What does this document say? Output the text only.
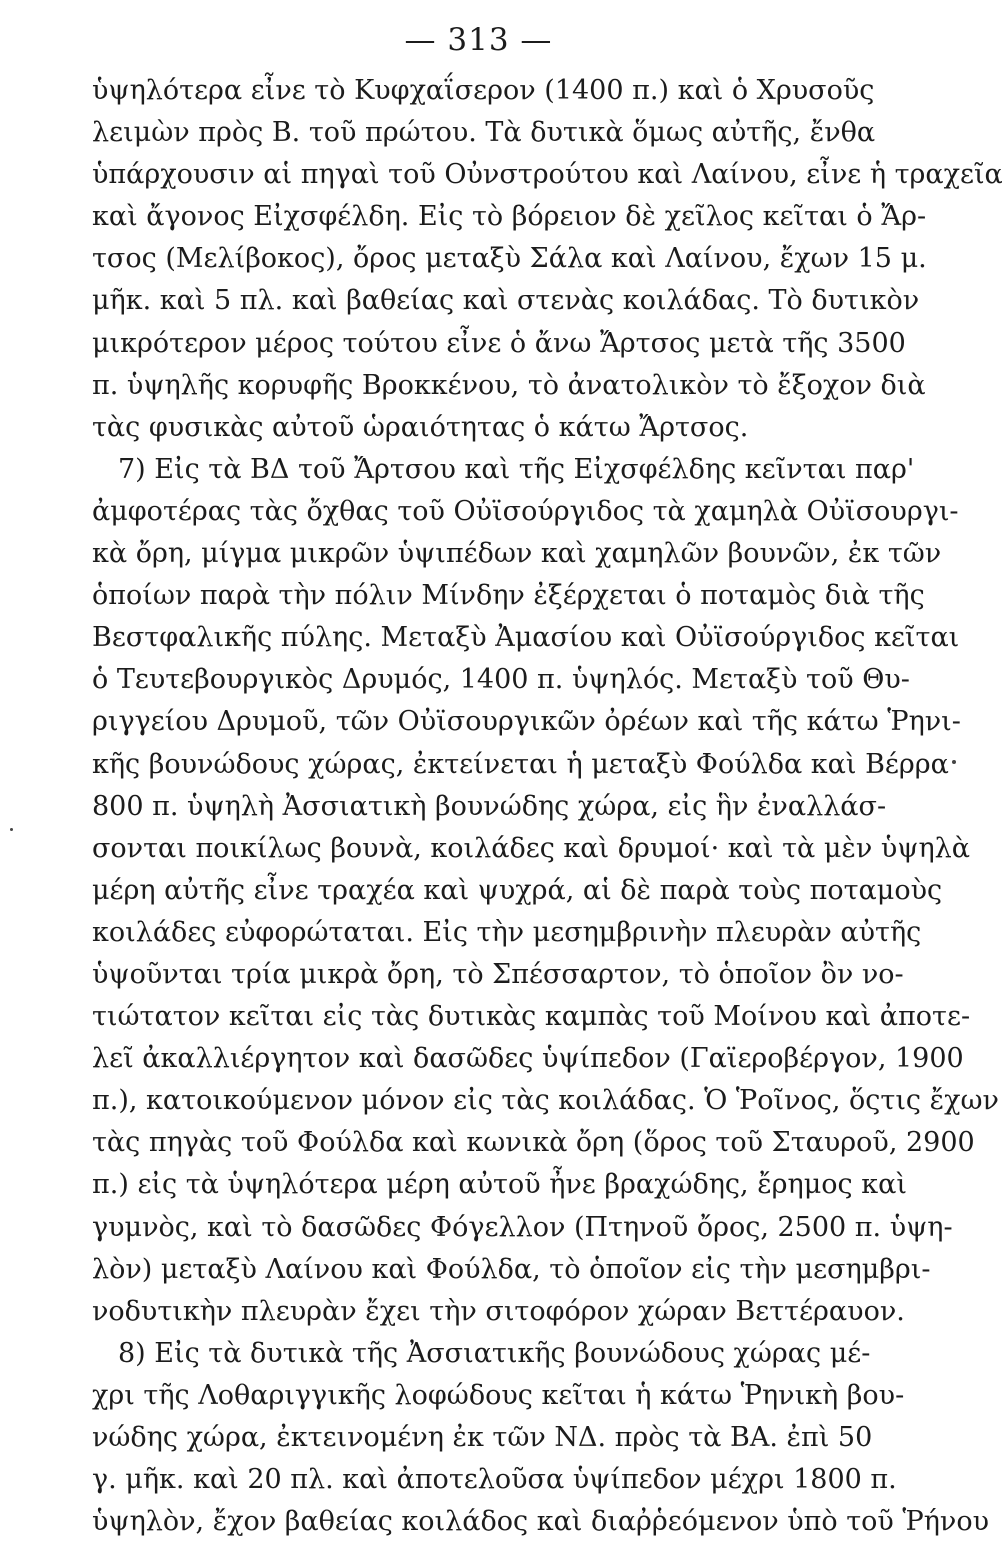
— 313 —
ὑψηλότερα εἶνε τὸ Κυφχαΐσερον (1400 π.) καὶ ὁ Χρυσοῦς
λειμὼν πρὸς Β. τοῦ πρώτου. Τὰ δυτικὰ ὅμως αὐτῆς, ἔνθα
ὑπάρχουσιν αἱ πηγαὶ τοῦ Οὐνστρούτου καὶ Λαίνου, εἶνε ἡ τραχεῖα
καὶ ἄγονος Εἰχσφέλδη. Εἰς τὸ βόρειον δὲ χεῖλος κεῖται ὁ Ἄρ-
τσος (Μελίβοκος), ὄρος μεταξὺ Σάλα καὶ Λαίνου, ἔχων 15 μ.
μῆκ. καὶ 5 πλ. καὶ βαθείας καὶ στενὰς κοιλάδας. Τὸ δυτικὸν
μικρότερον μέρος τούτου εἶνε ὁ ἄνω Ἄρτσος μετὰ τῆς 3500
π. ὑψηλῆς κορυφῆς Βροκκένου, τὸ ἀνατολικὸν τὸ ἔξοχον διὰ
τὰς φυσικὰς αὐτοῦ ὡραιότητας ὁ κάτω Ἄρτσος.
7) Εἰς τὰ ΒΔ τοῦ Ἄρτσου καὶ τῆς Εἰχσφέλδης κεῖνται παρ'
ἀμφοτέρας τὰς ὄχθας τοῦ Οὐϊσούργιδος τὰ χαμηλὰ Οὐϊσουργι-
κὰ ὄρη, μίγμα μικρῶν ὑψιπέδων καὶ χαμηλῶν βουνῶν, ἐκ τῶν
ὁποίων παρὰ τὴν πόλιν Μίνδην ἐξέρχεται ὁ ποταμὸς διὰ τῆς
Βεστφαλικῆς πύλης. Μεταξὺ Ἀμασίου καὶ Οὐϊσούργιδος κεῖται
ὁ Τευτεβουργικὸς Δρυμός, 1400 π. ὑψηλός. Μεταξὺ τοῦ Θυ-
ριγγείου Δρυμοῦ, τῶν Οὐϊσουργικῶν ὀρέων καὶ τῆς κάτω Ῥηνι-
κῆς βουνώδους χώρας, ἐκτείνεται ἡ μεταξὺ Φούλδα καὶ Βέρρα
800 π. ὑψηλὴ Ἀσσιατικὴ βουνώδης χώρα, εἰς ἣν ἐναλλάσ-
σονται ποικίλως βουνὰ, κοιλάδες καὶ δρυμοί· καὶ τὰ μὲν ὑψηλὰ
μέρη αὐτῆς εἶνε τραχέα καὶ ψυχρά, αἱ δὲ παρὰ τοὺς ποταμοὺς
κοιλάδες εὐφορώταται. Εἰς τὴν μεσημβρινὴν πλευρὰν αὐτῆς
ὑψοῦνται τρία μικρὰ ὄρη, τὸ Σπέσσαρτον, τὸ ὁποῖον ὂν νο-
τιώτατον κεῖται εἰς τὰς δυτικὰς καμπὰς τοῦ Μοίνου καὶ ἀποτε-
λεῖ ἀκαλλιέργητον καὶ δασῶδες ὑψίπεδον (Γαϊεροβέργον, 1900
π.), κατοικούμενον μόνον εἰς τὰς κοιλάδας. Ὁ Ῥοῖνος, ὅςτις ἔχων
τὰς πηγὰς τοῦ Φούλδα καὶ κωνικὰ ὄρη (ὅρος τοῦ Σταυροῦ, 2900
π.) εἰς τὰ ὑψηλότερα μέρη αὐτοῦ ἦνε βραχώδης, ἔρημος καὶ
γυμνὸς, καὶ τὸ δασῶδες Φόγελλον (Πτηνοῦ ὄρος, 2500 π. ὑψη-
λὸν) μεταξὺ Λαίνου καὶ Φούλδα, τὸ ὁποῖον εἰς τὴν μεσημβρι-
νοδυτικὴν πλευρὰν ἔχει τὴν σιτοφόρον χώραν Βεττέραυον.
8) Εἰς τὰ δυτικὰ τῆς Ἀσσιατικῆς βουνώδους χώρας μέ-
χρι τῆς Λοθαριγγικῆς λοφώδους κεῖται ἡ κάτω Ῥηνικὴ βου-
νώδης χώρα, ἐκτεινομένη ἐκ τῶν ΝΔ. πρὸς τὰ ΒΑ. ἐπὶ 50
γ. μῆκ. καὶ 20 πλ. καὶ ἀποτελοῦσα ὑψίπεδον μέχρι 1800 π.
ὑψηλὸν, ἔχον βαθείας κοιλάδος καὶ διαῤῥεόμενον ὑπὸ τοῦ Ῥήνου
